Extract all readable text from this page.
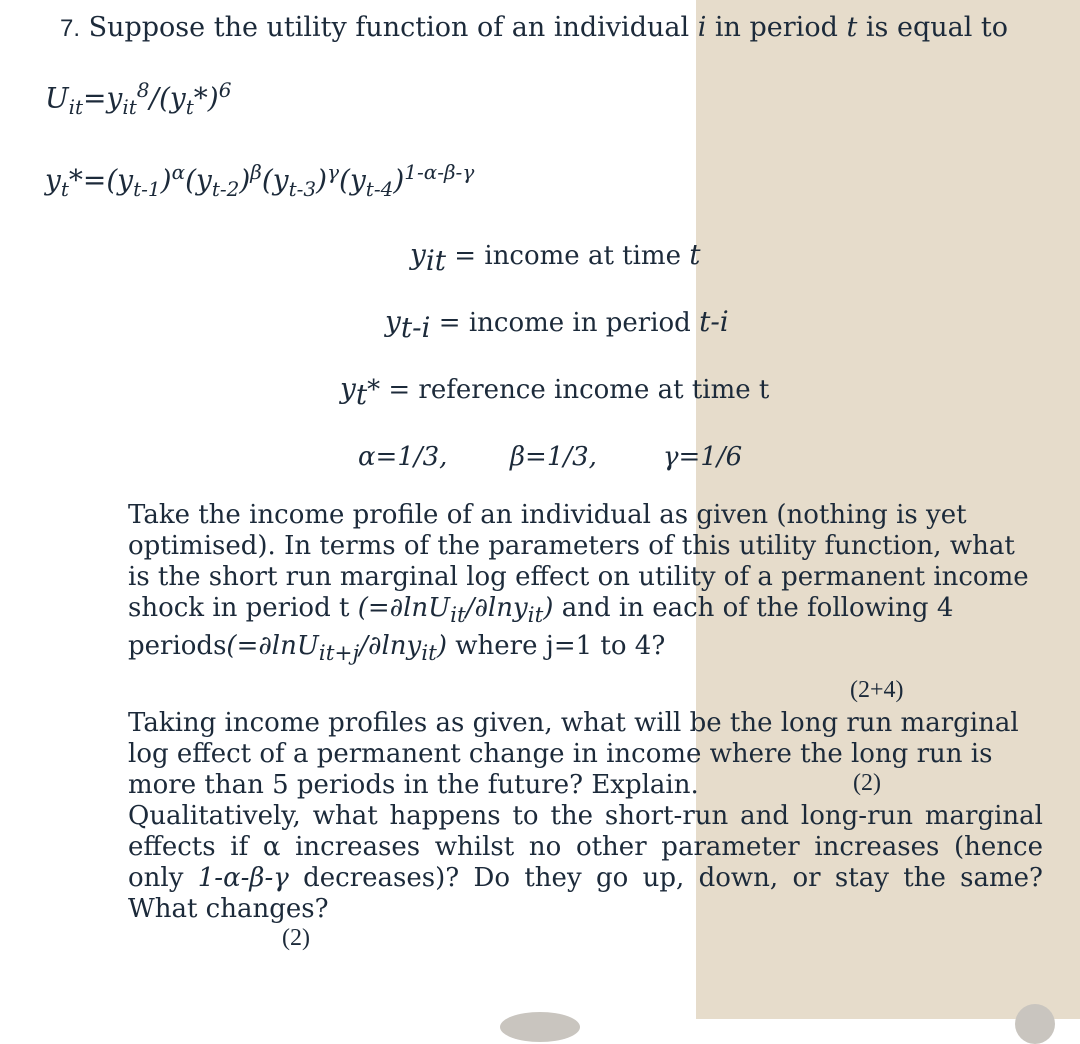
7. Suppose the utility function of an individual i in period t is equal to
$U_{it}=y_{it}^8/(y_t*)^6$
$y_t*=(y_{t-1})^\alpha(y_{t-2})^\beta(y_{t-3})^\gamma(y_{t-4})^{1-\alpha-\beta-\gamma}$
$y_{it}$ = income at time t
$y_{t-i}$ = income in period t-i
$y_t*$ = reference income at time t
α=1/3, β=1/3,	γ=1/6
Take the income profile of an individual as given (nothing is yet optimised). In terms of the parameters of this utility function, what is the short run marginal log effect on utility of a permanent income shock in period t (=∂lnU$_{it}$/∂lny$_{it}$) and in each of the following 4 periods(=∂lnU$_{it+j}$/∂lny$_{it}$) where j=1 to 4?
(2+4)
Taking income profiles as given, what will be the long run marginal log effect of a permanent change in income where the long run is more than 5 periods in the future? Explain.	(2)
Qualitatively, what happens to the short-run and long-run marginal effects if α increases whilst no other parameter increases (hence only 1-α-β-γ decreases)? Do they go up, down, or stay the same? What changes?
(2)
